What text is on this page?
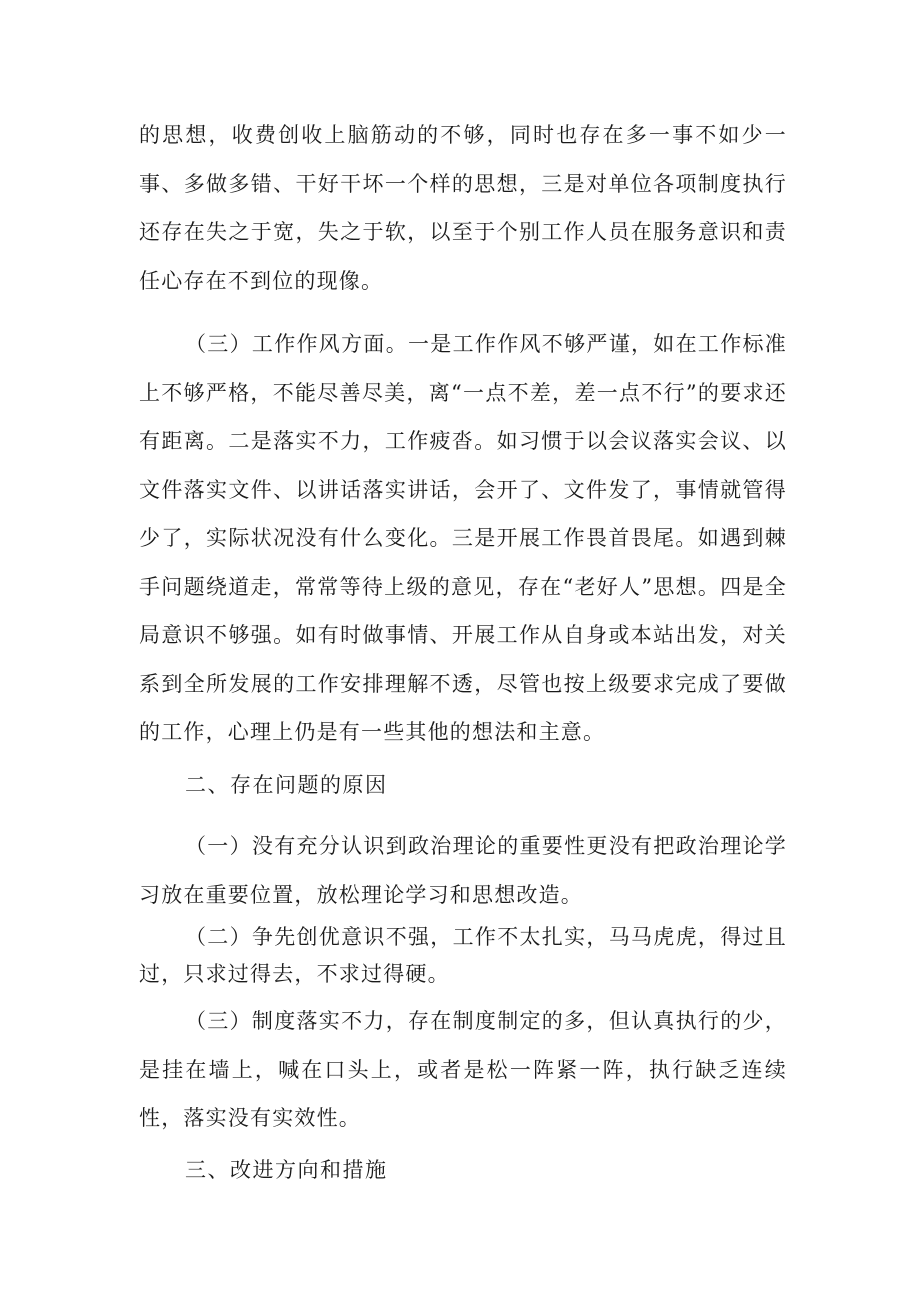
的思想，收费创收上脑筋动的不够，同时也存在多一事不如少一事、多做多错、干好干坏一个样的思想，三是对单位各项制度执行还存在失之于宽，失之于软，以至于个别工作人员在服务意识和责任心存在不到位的现像。

（三）工作作风方面。一是工作作风不够严谨，如在工作标准上不够严格，不能尽善尽美，离“一点不差，差一点不行”的要求还有距离。二是落实不力，工作疲沓。如习惯于以会议落实会议、以文件落实文件、以讲话落实讲话，会开了、文件发了，事情就管得少了，实际状况没有什么变化。三是开展工作畏首畏尾。如遇到棘手问题绕道走，常常等待上级的意见，存在“老好人”思想。四是全局意识不够强。如有时做事情、开展工作从自身或本站出发，对关系到全所发展的工作安排理解不透，尽管也按上级要求完成了要做的工作，心理上仍是有一些其他的想法和主意。

二、存在问题的原因

（一）没有充分认识到政治理论的重要性更没有把政治理论学习放在重要位置，放松理论学习和思想改造。

（二）争先创优意识不强，工作不太扎实，马马虎虎，得过且过，只求过得去，不求过得硬。

（三）制度落实不力，存在制度制定的多，但认真执行的少，是挂在墙上，喊在口头上，或者是松一阵紧一阵，执行缺乏连续性，落实没有实效性。

三、改进方向和措施
